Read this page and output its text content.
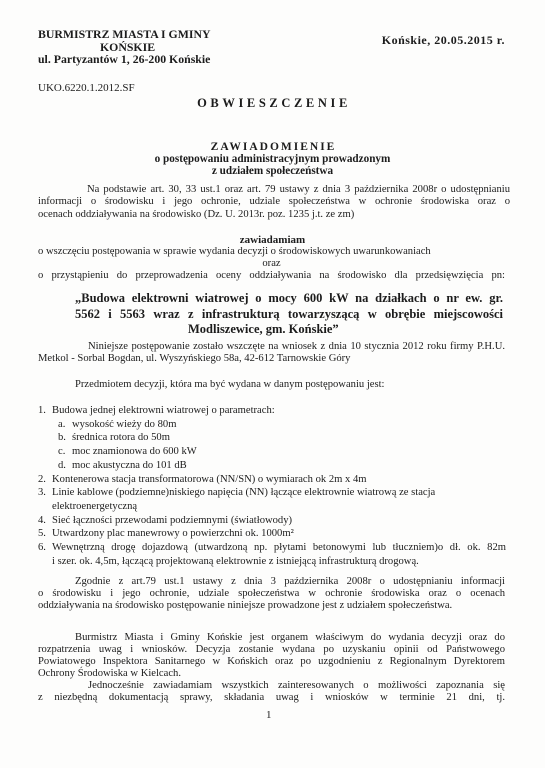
BURMISTRZ MIASTA I GMINY
KOŃSKIE
ul. Partyzantów 1, 26-200 Końskie
Końskie, 20.05.2015 r.
UKO.6220.1.2012.SF
OBWIESZCZENIE
ZAWIADOMIENIE
o postępowaniu administracyjnym prowadzonym
z udziałem społeczeństwa
Na podstawie art. 30, 33 ust.1 oraz art. 79 ustawy z dnia 3 października 2008r o udostępnianiu
informacji o środowisku i jego ochronie, udziale społeczeństwa w ochronie środowiska oraz o
ocenach oddziaływania na środowisko (Dz. U. 2013r. poz. 1235 j.t. ze zm)
zawiadamiam
o wszczęciu postępowania w sprawie wydania decyzji o środowiskowych uwarunkowaniach
oraz
o przystąpieniu do przeprowadzenia oceny oddziaływania na środowisko dla przedsięwzięcia pn:
„Budowa elektrowni wiatrowej o mocy 600 kW na działkach o nr ew. gr.
5562 i 5563 wraz z infrastrukturą towarzyszącą w obrębie miejscowości
Modliszewice, gm. Końskie”
Niniejsze postępowanie zostało wszczęte na wniosek z dnia 10 stycznia 2012 roku firmy P.H.U.
Metkol - Sorbal Bogdan, ul. Wyszyńskiego 58a, 42-612 Tarnowskie Góry
Przedmiotem decyzji, która ma być wydana w danym postępowaniu jest:
1. Budowa jednej elektrowni wiatrowej o parametrach:
a. wysokość wieży do 80m
b. średnica rotora do 50m
c. moc znamionowa do 600 kW
d. moc akustyczna do 101 dB
2. Kontenerowa stacja transformatorowa (NN/SN) o wymiarach ok 2m x 4m
3. Linie kablowe (podziemne)niskiego napięcia (NN) łączące elektrownie wiatrową ze stacja
elektroenergetyczną
4. Sieć łączności przewodami podziemnymi (światłowody)
5. Utwardzony plac manewrowy o powierzchni ok. 1000m²
6. Wewnętrzną drogę dojazdową (utwardzoną np. płytami betonowymi lub tłuczniem)o dł. ok. 82m
i szer. ok. 4,5m, łączącą projektowaną elektrownie z istniejącą infrastrukturą drogową.
Zgodnie z art.79 ust.1 ustawy z dnia 3 października 2008r o udostępnianiu informacji
o środowisku i jego ochronie, udziale społeczeństwa w ochronie środowiska oraz o ocenach
oddziaływania na środowisko postępowanie niniejsze prowadzone jest z udziałem społeczeństwa.
Burmistrz Miasta i Gminy Końskie jest organem właściwym do wydania decyzji oraz do
rozpatrzenia uwag i wniosków. Decyzja zostanie wydana po uzyskaniu opinii od Państwowego
Powiatowego Inspektora Sanitarnego w Końskich oraz po uzgodnieniu z Regionalnym Dyrektorem
Ochrony Środowiska w Kielcach.
Jednocześnie zawiadamiam wszystkich zainteresowanych o możliwości zapoznania się
z niezbędną dokumentacją sprawy, składania uwag i wniosków w terminie 21 dni, tj.
1
